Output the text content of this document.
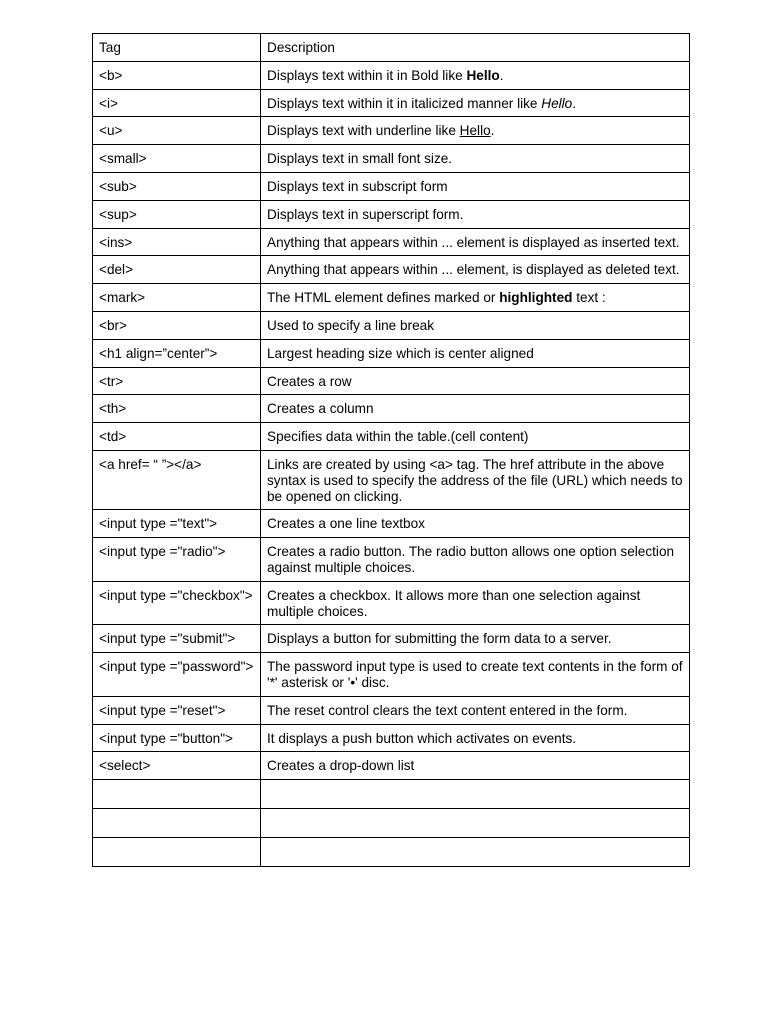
Tag	Description
<b>	Displays text within it in Bold like Hello.
<i>	Displays text within it in italicized manner like Hello.
<u>	Displays text with underline like Hello.
<small>	Displays text in small font size.
<sub>	Displays text in subscript form
<sup>	Displays text in superscript form.
<ins>	Anything that appears within ... element is displayed as inserted text.
<del>	Anything that appears within ... element, is displayed as deleted text.
<mark>	The HTML element defines marked or highlighted text :
<br>	Used to specify a line break
<h1 align=”center”>	Largest heading size which is center aligned
<tr>	Creates a row
<th>	Creates a column
<td>	Specifies data within the table.(cell content)
<a href= “ ”></a>	Links are created by using <a> tag. The href attribute in the above syntax is used to specify the address of the file (URL) which needs to be opened on clicking.
<input type ="text">	Creates a one line textbox
<input type ="radio">	Creates a radio button. The radio button allows one option selection against multiple choices.
<input type ="checkbox">	Creates a checkbox. It allows more than one selection against multiple choices.
<input type ="submit">	Displays a button for submitting the form data to a server.
<input type ="password">	The password input type is used to create text contents in the form of '*' asterisk or '•' disc.
<input type ="reset">	The reset control clears the text content entered in the form.
<input type ="button">	It displays a push button which activates on events.
<select>	Creates a drop-down list
